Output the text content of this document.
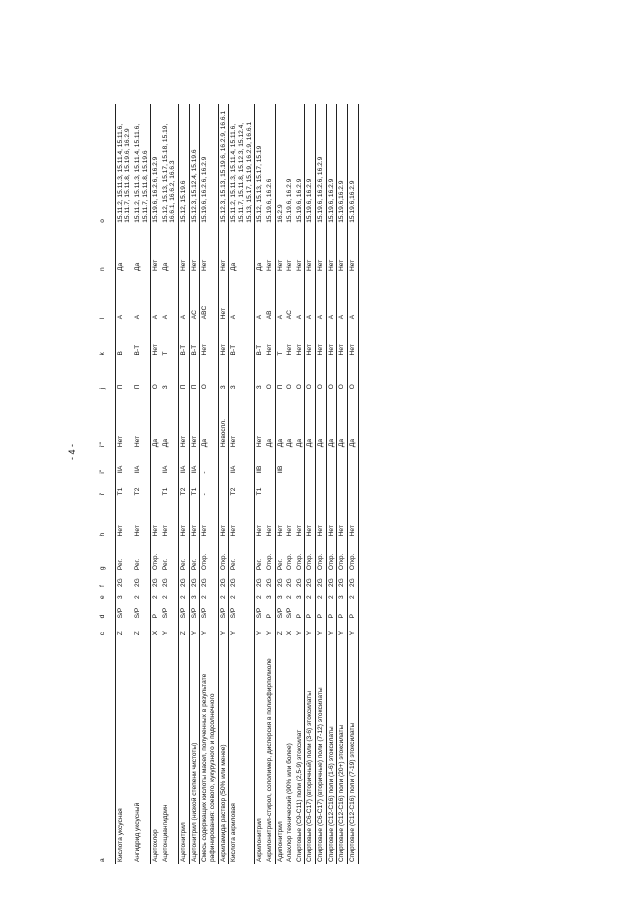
- 4 -
a	c	d	e	f	g	h	i'	i''	i'''	j	k	l	n	o
Кислота уксусная	Z	S/P	3	2G	Рег.	Нет	T1	IIA	Нет	П	B	A	Да	15.11.2, 15.11.3, 15.11.4, 15.11.6, 15.11.7, 15.11.8, 15.19.6, 16.2.9
Ангидрид уксусный	Z	S/P	2	2G	Рег.	Нет	T2	IIA	Нет	П	B-T	A	Да	15.11.2, 15.11.3, 15.11.4, 15.11.6, 15.11.7, 15.11.8, 15.19.6
Ацетохлор	X	P	2	2G	Откр.	Нет			Да	О	Нет	A	Нет	15.19.6, 16.2.6, 16.2.9
Ацетонциангидрин	Y	S/P	2	2G	Рег.	Нет	T1	IIA	Да	З	T	A	Да	15.12, 15.13, 15.17, 15.18, 15.19, 16.6.1, 16.6.2, 16.6.3
Ацетонитрил	Z	S/P	2	2G	Рег.	Нет	T2	IIA	Нет	П	B-T	A	Нет	15.12, 15.19.6
Ацетонитрил (низкой степени чистоты)	Y	S/P	3	2G	Рег.	Нет	T1	IIA	Нет	П	B-T	AC	Нет	15.12.3, 15.12.4, 15.19.6
Смесь содержащих кислоты масел, полученных в результате рафинирования: соевого, кукурузного и подсолнечного	Y	S/P	2	2G	Откр.	Нет	-	-	Да	О	Нет	ABC	Нет	15.19.6, 16.2.6, 16.2.9
Акриламида раствор (50% или менее)	Y	S/P	2	2G	Откр.	Нет			Невоспл.	З	Нет	Нет	Нет	15.12.3, 15.13, 15.19.6, 16.2.9, 16.6.1
Кислота акриловая	Y	S/P	2	2G	Рег.	Нет	T2	IIA	Нет	З	B-T	A	Да	15.11.2, 15.11.3, 15.11.4, 15.11.6, 15.11.7, 15.11.8, 15.12.3, 15.12.4, 15.13, 15.17, 15.19, 16.2.9, 16.6.1
Акрилонитрил	Y	S/P	2	2G	Рег.	Нет	T1	IIB	Нет	З	B-T	A	Да	15.12, 15.13, 15.17, 15.19
Акрилонитрил-стирол, сополимер, дисперсия в полиэфирполиоле	Y	P	3	2G	Откр.	Нет			Да	О	Нет	AB	Нет	15.19.6, 16.2.6
Адипонитрил	Z	S/P	3	2G	Рег.	Нет		IIB	Да	П	T	A	Нет	16.2.9
Алахлор технический (90% или более)	X	S/P	2	2G	Откр.	Нет			Да	О	Нет	AC	Нет	15.19.6, 16.2.9
Спиртовые (C9-C11) поли (2,5-9) этоксилат	Y	P	3	2G	Откр.	Нет			Да	О	Нет	A	Нет	15.19.6, 16.2.9
Спиртовые (C6-C17) (вторичный) поли (3-6) этоксилаты	Y	P	2	2G	Откр.	Нет			Да	О	Нет	A	Нет	15.19.6, 16.2.9
Спиртовые (C6-C17) (вторичные) поли (7-12) этоксилаты	Y	P	2	2G	Откр.	Нет			Да	О	Нет	A	Нет	15.19.6, 16.2.6, 16.2.9
Спиртовые (C12-C16) поли (1-6) этоксилаты	Y	P	2	2G	Откр.	Нет			Да	О	Нет	A	Нет	15.19.6, 16.2.9
Спиртовые (C12-C16) поли (20+) этоксилаты	Y	P	3	2G	Откр.	Нет			Да	О	Нет	A	Нет	15.19.6,16.2.9
Спиртовые (C12-C16) поли (7-19) этоксилаты	Y	P	2	2G	Откр.	Нет			Да	О	Нет	A	Нет	15.19.6,16.2.9
